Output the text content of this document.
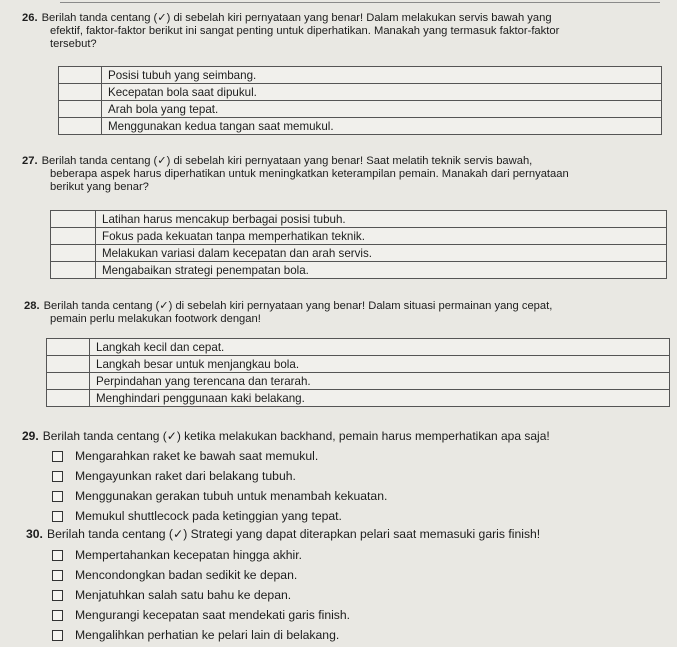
26. Berilah tanda centang (✓) di sebelah kiri pernyataan yang benar! Dalam melakukan servis bawah yang
efektif, faktor-faktor berikut ini sangat penting untuk diperhatikan. Manakah yang termasuk faktor-faktor
tersebut?
	Posisi tubuh yang seimbang.
	Kecepatan bola saat dipukul.
	Arah bola yang tepat.
	Menggunakan kedua tangan saat memukul.
27. Berilah tanda centang (✓) di sebelah kiri pernyataan yang benar! Saat melatih teknik servis bawah,
beberapa aspek harus diperhatikan untuk meningkatkan keterampilan pemain. Manakah dari pernyataan
berikut yang benar?
	Latihan harus mencakup berbagai posisi tubuh.
	Fokus pada kekuatan tanpa memperhatikan teknik.
	Melakukan variasi dalam kecepatan dan arah servis.
	Mengabaikan strategi penempatan bola.
28. Berilah tanda centang (✓) di sebelah kiri pernyataan yang benar! Dalam situasi permainan yang cepat,
pemain perlu melakukan footwork dengan!
	Langkah kecil dan cepat.
	Langkah besar untuk menjangkau bola.
	Perpindahan yang terencana dan terarah.
	Menghindari penggunaan kaki belakang.
29. Berilah tanda centang (✓) ketika melakukan backhand, pemain harus memperhatikan apa saja!
Mengarahkan raket ke bawah saat memukul.
Mengayunkan raket dari belakang tubuh.
Menggunakan gerakan tubuh untuk menambah kekuatan.
Memukul shuttlecock pada ketinggian yang tepat.
30. Berilah tanda centang (✓) Strategi yang dapat diterapkan pelari saat memasuki garis finish!
Mempertahankan kecepatan hingga akhir.
Mencondongkan badan sedikit ke depan.
Menjatuhkan salah satu bahu ke depan.
Mengurangi kecepatan saat mendekati garis finish.
Mengalihkan perhatian ke pelari lain di belakang.
